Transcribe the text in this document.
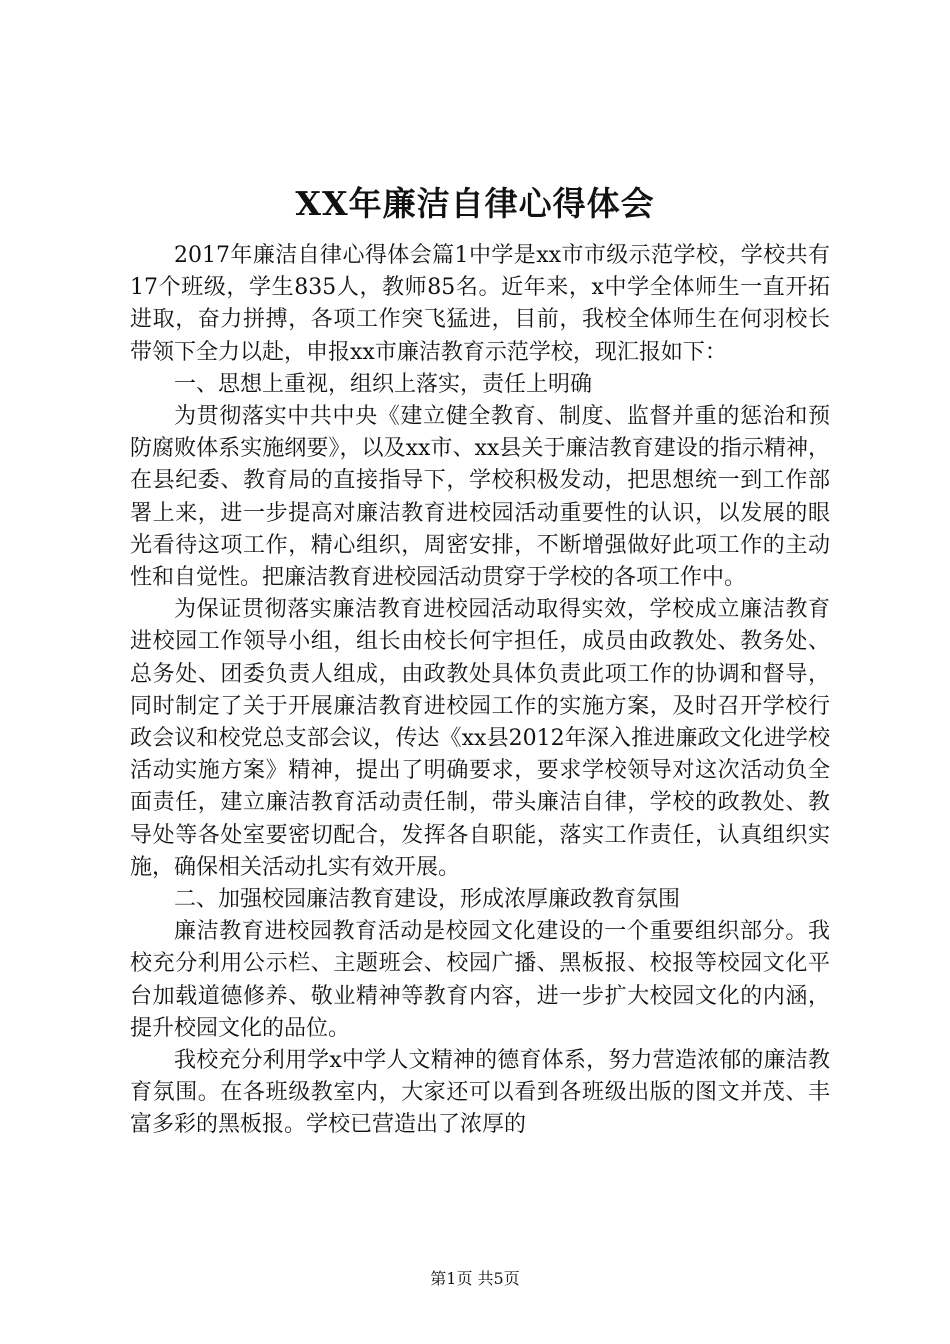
XX年廉洁自律心得体会

2017年廉洁自律心得体会篇1中学是xx市市级示范学校，学校共有17个班级，学生835人，教师85名。近年来，x中学全体师生一直开拓进取，奋力拼搏，各项工作突飞猛进，目前，我校全体师生在何羽校长带领下全力以赴，申报xx市廉洁教育示范学校，现汇报如下：

一、思想上重视，组织上落实，责任上明确

为贯彻落实中共中央《建立健全教育、制度、监督并重的惩治和预防腐败体系实施纲要》，以及xx市、xx县关于廉洁教育建设的指示精神，在县纪委、教育局的直接指导下，学校积极发动，把思想统一到工作部署上来，进一步提高对廉洁教育进校园活动重要性的认识，以发展的眼光看待这项工作，精心组织，周密安排，不断增强做好此项工作的主动性和自觉性。把廉洁教育进校园活动贯穿于学校的各项工作中。

为保证贯彻落实廉洁教育进校园活动取得实效，学校成立廉洁教育进校园工作领导小组，组长由校长何宇担任，成员由政教处、教务处、总务处、团委负责人组成，由政教处具体负责此项工作的协调和督导，同时制定了关于开展廉洁教育进校园工作的实施方案，及时召开学校行政会议和校党总支部会议，传达《xx县2012年深入推进廉政文化进学校活动实施方案》精神，提出了明确要求，要求学校领导对这次活动负全面责任，建立廉洁教育活动责任制，带头廉洁自律，学校的政教处、教导处等各处室要密切配合，发挥各自职能，落实工作责任，认真组织实施，确保相关活动扎实有效开展。

二、加强校园廉洁教育建设，形成浓厚廉政教育氛围

廉洁教育进校园教育活动是校园文化建设的一个重要组织部分。我校充分利用公示栏、主题班会、校园广播、黑板报、校报等校园文化平台加载道德修养、敬业精神等教育内容，进一步扩大校园文化的内涵，提升校园文化的品位。

我校充分利用学x中学人文精神的德育体系，努力营造浓郁的廉洁教育氛围。在各班级教室内，大家还可以看到各班级出版的图文并茂、丰富多彩的黑板报。学校已营造出了浓厚的

第1页 共5页
